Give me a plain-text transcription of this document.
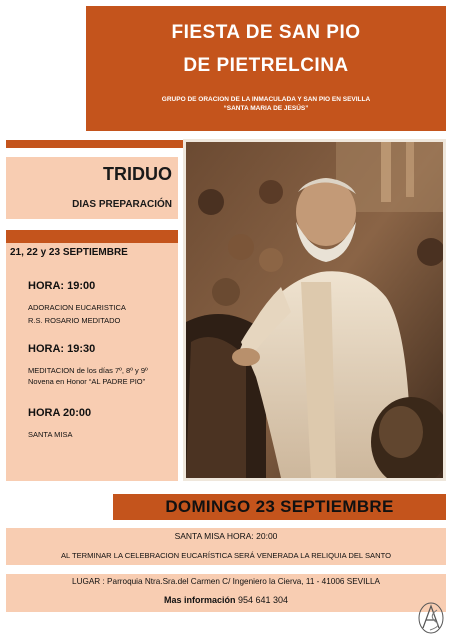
FIESTA DE SAN PIO
DE PIETRELCINA
GRUPO DE ORACION DE LA INMACULADA Y SAN PIO EN SEVILLA
“SANTA MARIA DE JESÚS”
TRIDUO
DIAS PREPARACIÓN
21, 22 y 23 SEPTIEMBRE
HORA: 19:00
ADORACION EUCARISTICA
R.S. ROSARIO MEDITADO
HORA: 19:30
MEDITACION de los días 7º, 8º y 9º
Novena en Honor “AL PADRE PIO”
HORA 20:00
SANTA MISA
DOMINGO 23 SEPTIEMBRE
SANTA MISA HORA: 20:00
AL TERMINAR LA CELEBRACION EUCARÍSTICA SERÁ VENERADA LA RELIQUIA DEL SANTO
LUGAR : Parroquia Ntra.Sra.del Carmen C/ Ingeniero la Cierva, 11 - 41006 SEVILLA
Mas información 954 641 304
